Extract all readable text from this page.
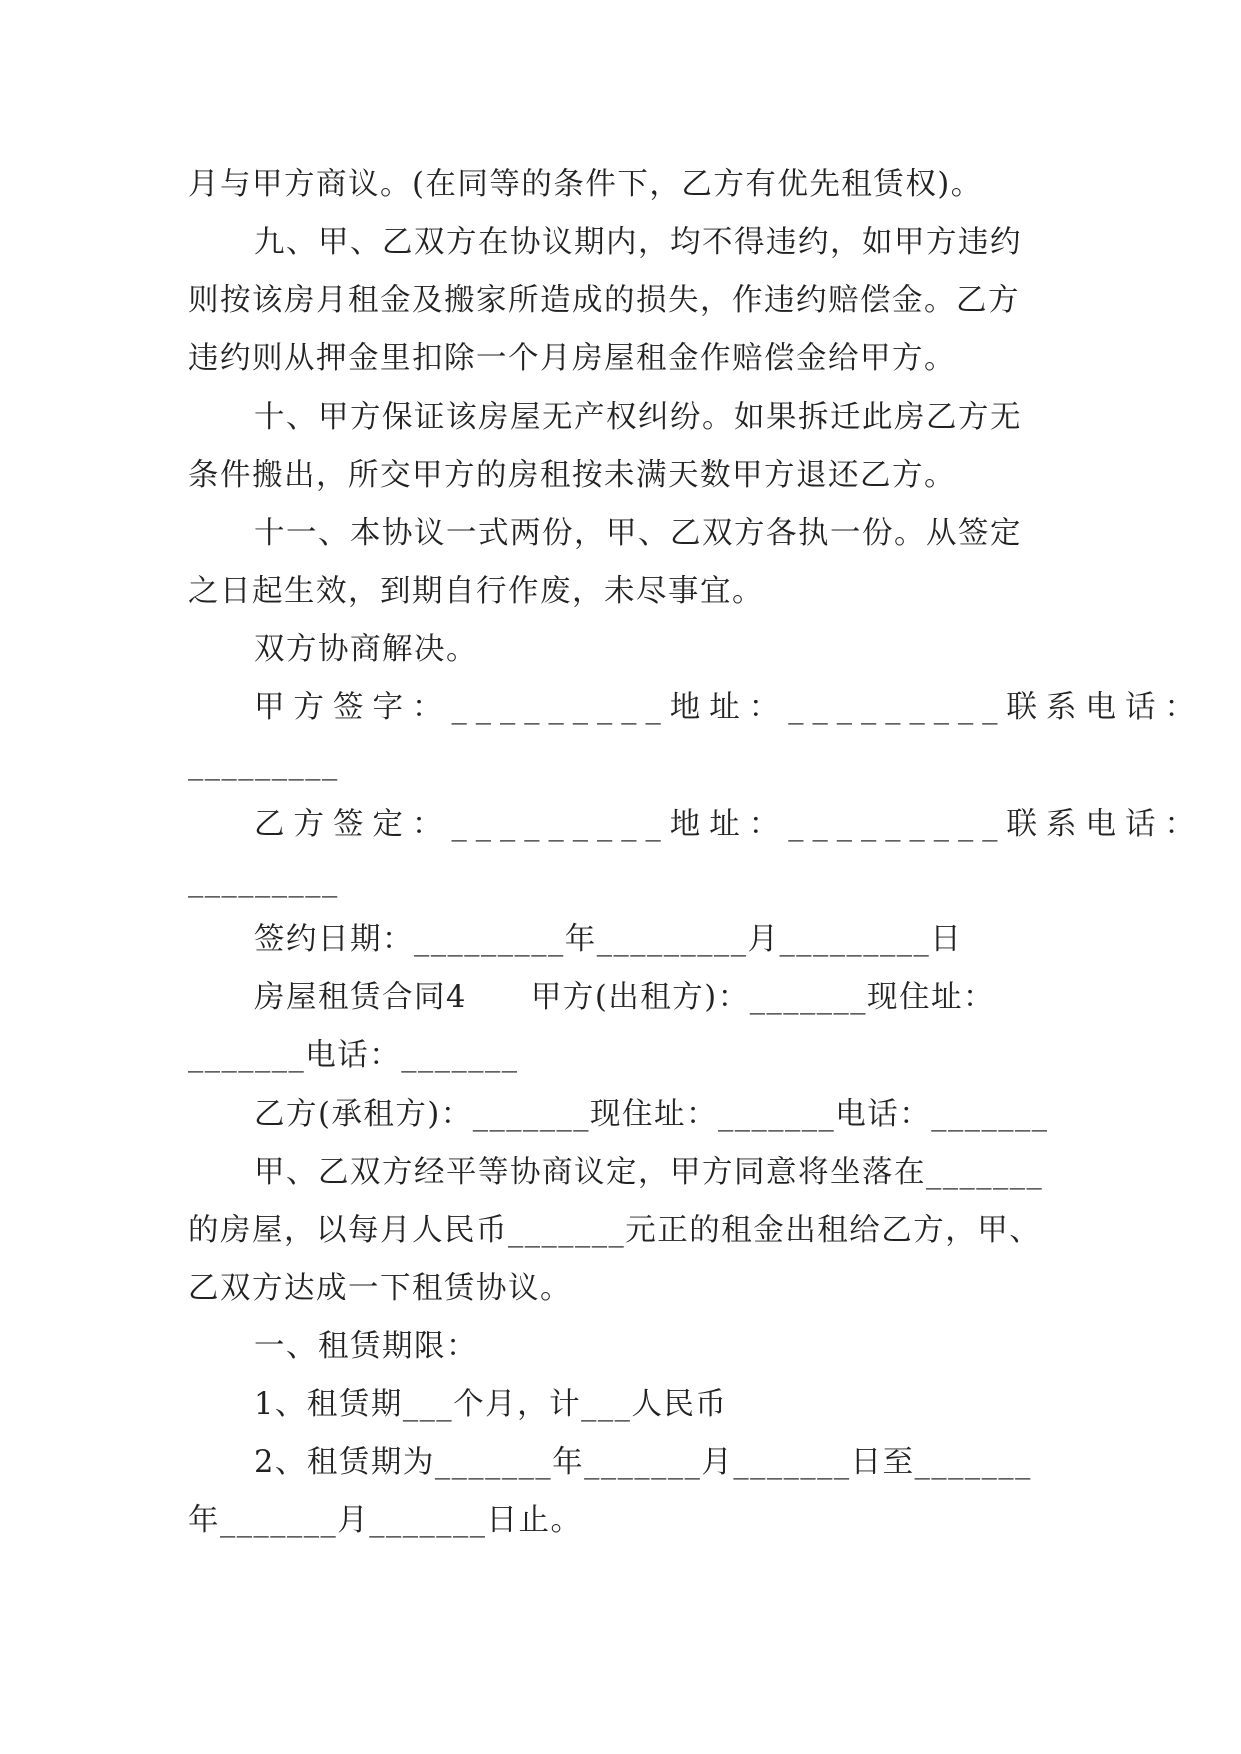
月与甲方商议。(在同等的条件下，乙方有优先租赁权)。
九、甲、乙双方在协议期内，均不得违约，如甲方违约
则按该房月租金及搬家所造成的损失，作违约赔偿金。乙方
违约则从押金里扣除一个月房屋租金作赔偿金给甲方。
十、甲方保证该房屋无产权纠纷。如果拆迁此房乙方无
条件搬出，所交甲方的房租按未满天数甲方退还乙方。
十一、本协议一式两份，甲、乙双方各执一份。从签定
之日起生效，到期自行作废，未尽事宜。
双方协商解决。
甲方签字：_________地址：_________联系电话：
_________
乙方签定：_________地址：_________联系电话：
_________
签约日期：_________年_________月_________日
房屋租赁合同4　　甲方(出租方)：_______现住址：
_______电话：_______
乙方(承租方)：_______现住址：_______电话：_______
甲、乙双方经平等协商议定，甲方同意将坐落在_______
的房屋，以每月人民币_______元正的租金出租给乙方，甲、
乙双方达成一下租赁协议。
一、租赁期限：
1、租赁期___个月，计___人民币
2、租赁期为_______年_______月_______日至_______
年_______月_______日止。
